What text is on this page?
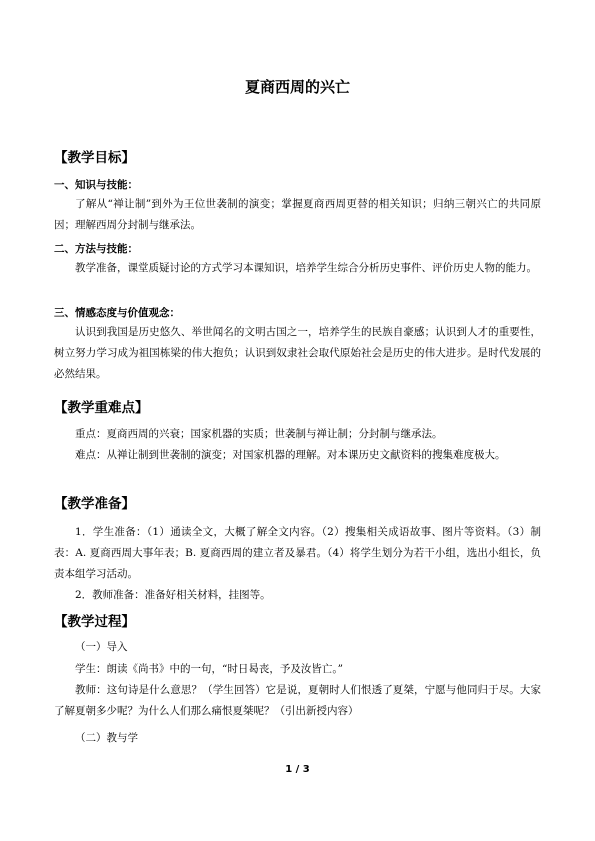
夏商西周的兴亡
【教学目标】
一、知识与技能：

了解从“禅让制”到外为王位世袭制的演变；掌握夏商西周更替的相关知识；归纳三朝兴亡的共同原因；理解西周分封制与继承法。

二、方法与技能：

教学准备，课堂质疑讨论的方式学习本课知识，培养学生综合分析历史事件、评价历史人物的能力。

三、情感态度与价值观念：

认识到我国是历史悠久、举世闻名的文明古国之一，培养学生的民族自豪感；认识到人才的重要性，树立努力学习成为祖国栋梁的伟大抱负；认识到奴隶社会取代原始社会是历史的伟大进步。是时代发展的必然结果。

【教学重难点】

重点：夏商西周的兴衰；国家机器的实质；世袭制与禅让制；分封制与继承法。

难点：从禅让制到世袭制的演变；对国家机器的理解。对本课历史文献资料的搜集难度极大。

【教学准备】

1．学生准备：（1）通读全文，大概了解全文内容。（2）搜集相关成语故事、图片等资料。（3）制表：A. 夏商西周大事年表；B. 夏商西周的建立者及暴君。（4）将学生划分为若干小组，选出小组长，负责本组学习活动。

2．教师准备：准备好相关材料，挂图等。

【教学过程】
（一）导入

学生：朗读《尚书》中的一句，“时日曷丧，予及汝皆亡。”

教师：这句诗是什么意思？（学生回答）它是说，夏朝时人们恨透了夏桀，宁愿与他同归于尽。大家了解夏朝多少呢？为什么人们那么痛恨夏桀呢？（引出新授内容）

（二）教与学
1 / 3
